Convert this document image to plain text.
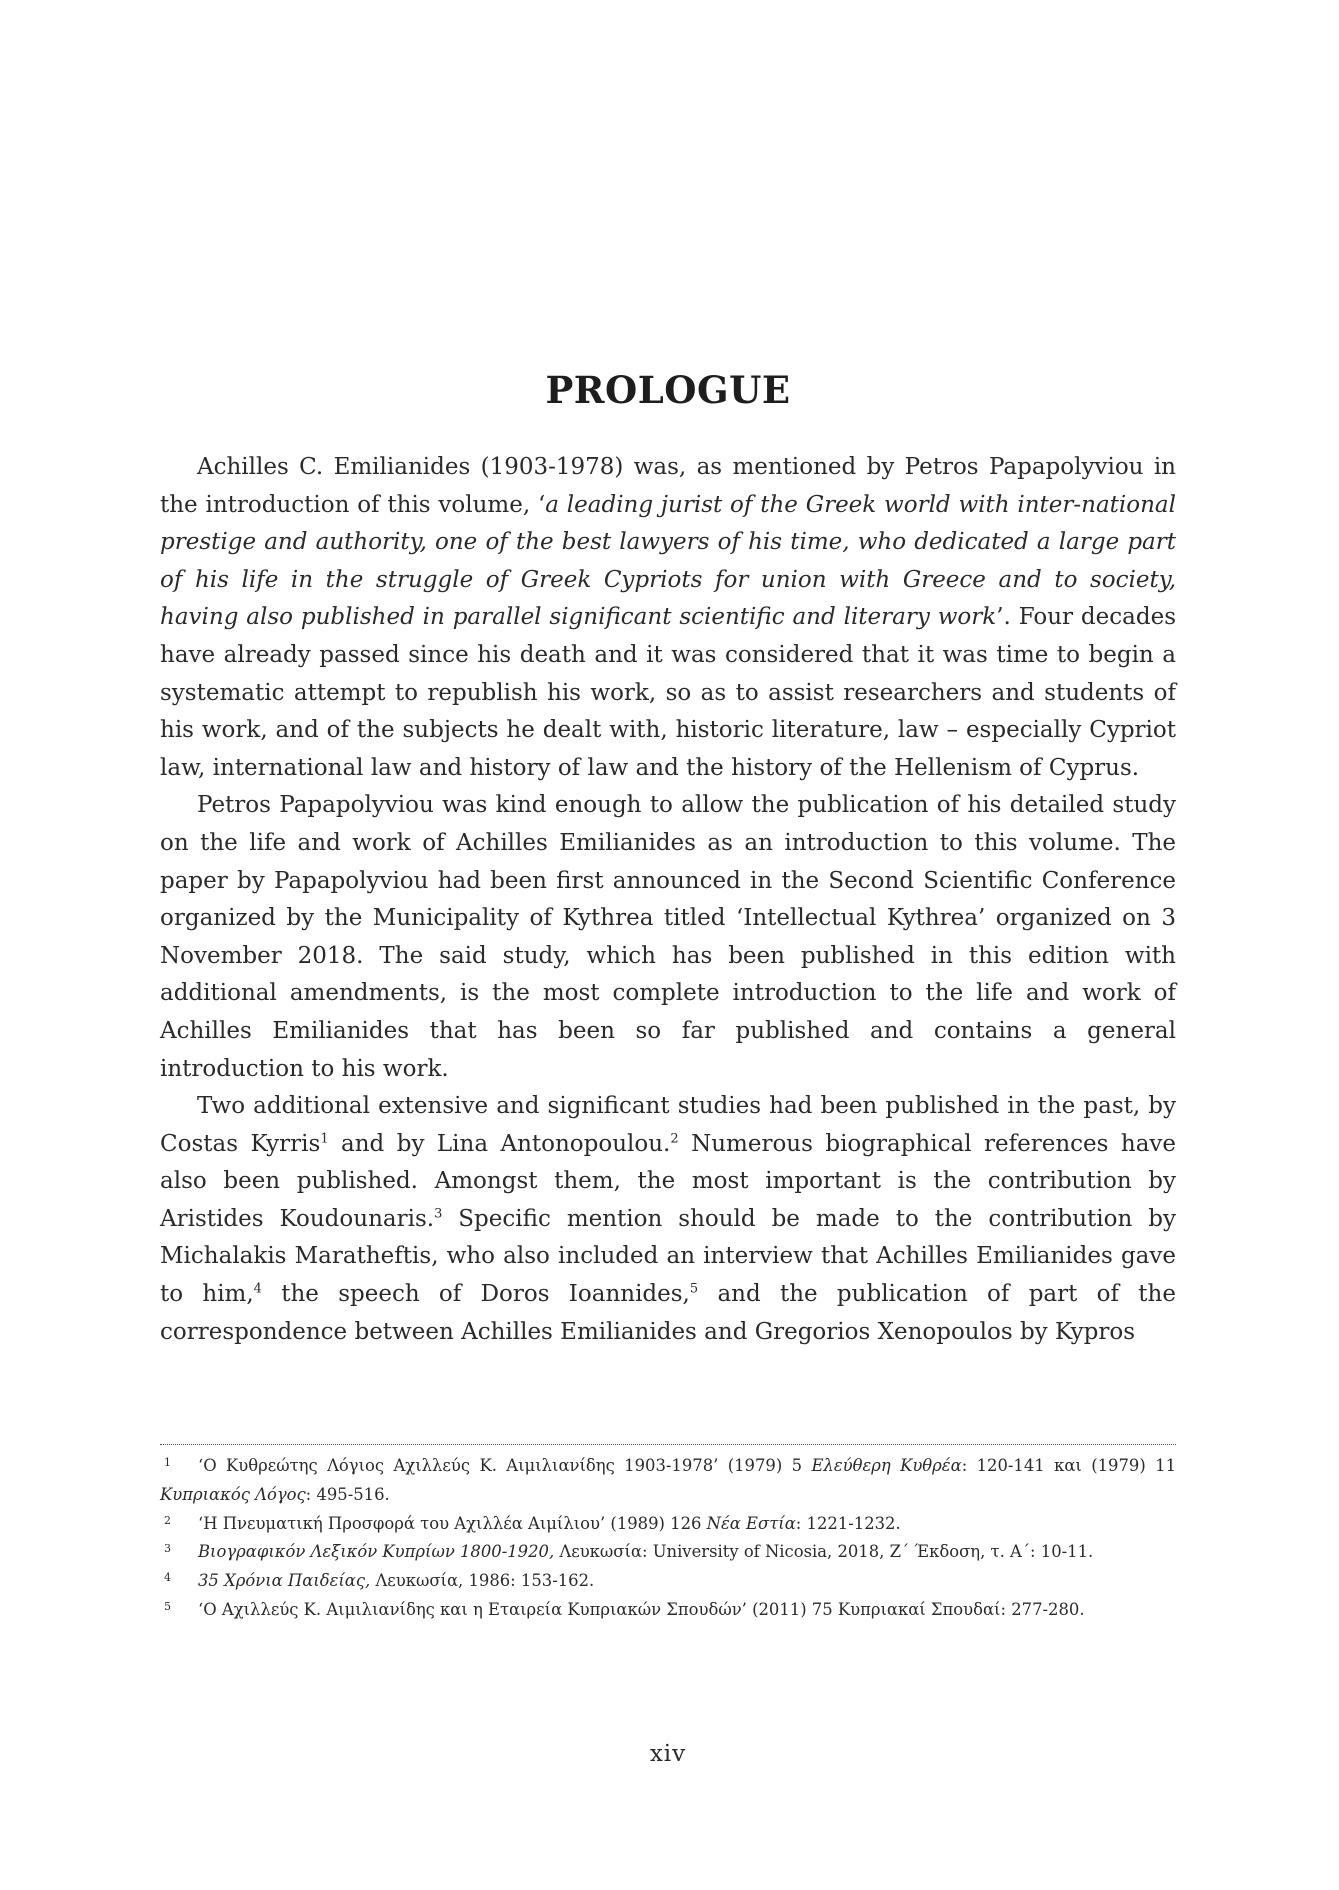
PROLOGUE

Achilles C. Emilianides (1903-1978) was, as mentioned by Petros Papapolyviou in the introduction of this volume, ‘a leading jurist of the Greek world with inter-national prestige and authority, one of the best lawyers of his time, who dedicated a large part of his life in the struggle of Greek Cypriots for union with Greece and to society, having also published in parallel significant scientific and literary work’. Four decades have already passed since his death and it was considered that it was time to begin a systematic attempt to republish his work, so as to assist researchers and students of his work, and of the subjects he dealt with, historic literature, law – especially Cypriot law, international law and history of law and the history of the Hellenism of Cyprus.

Petros Papapolyviou was kind enough to allow the publication of his detailed study on the life and work of Achilles Emilianides as an introduction to this volume. The paper by Papapolyviou had been first announced in the Second Scientific Conference organized by the Municipality of Kythrea titled ‘Intellectual Kythrea’ organized on 3 November 2018. The said study, which has been published in this edition with additional amendments, is the most complete introduction to the life and work of Achilles Emilianides that has been so far published and contains a general introduction to his work.

Two additional extensive and significant studies had been published in the past, by Costas Kyrris$^1$ and by Lina Antonopoulou.$^2$ Numerous biographical references have also been published. Amongst them, the most important is the contribution by Aristides Koudounaris.$^3$ Specific mention should be made to the contribution by Michalakis Maratheftis, who also included an interview that Achilles Emilianides gave to him,$^4$ the speech of Doros Ioannides,$^5$ and the publication of part of the correspondence between Achilles Emilianides and Gregorios Xenopoulos by Kypros

1 ‘Ο Κυθρεώτης Λόγιος Αχιλλεύς Κ. Αιμιλιανίδης 1903-1978’ (1979) 5 Ελεύθερη Κυθρέα: 120-141 και (1979) 11 Κυπριακός Λόγος: 495-516.
2 ‘Η Πνευματική Προσφορά του Αχιλλέα Αιμίλιου’ (1989) 126 Νέα Εστία: 1221-1232.
3 Βιογραφικόν Λεξικόν Κυπρίων 1800-1920, Λευκωσία: University of Nicosia, 2018, Ζ΄ Έκδοση, τ. Α΄: 10-11.
4 35 Χρόνια Παιδείας, Λευκωσία, 1986: 153-162.
5 ‘Ο Αχιλλεύς Κ. Αιμιλιανίδης και η Εταιρεία Κυπριακών Σπουδών’ (2011) 75 Κυπριακαί Σπουδαί: 277-280.
xiv
